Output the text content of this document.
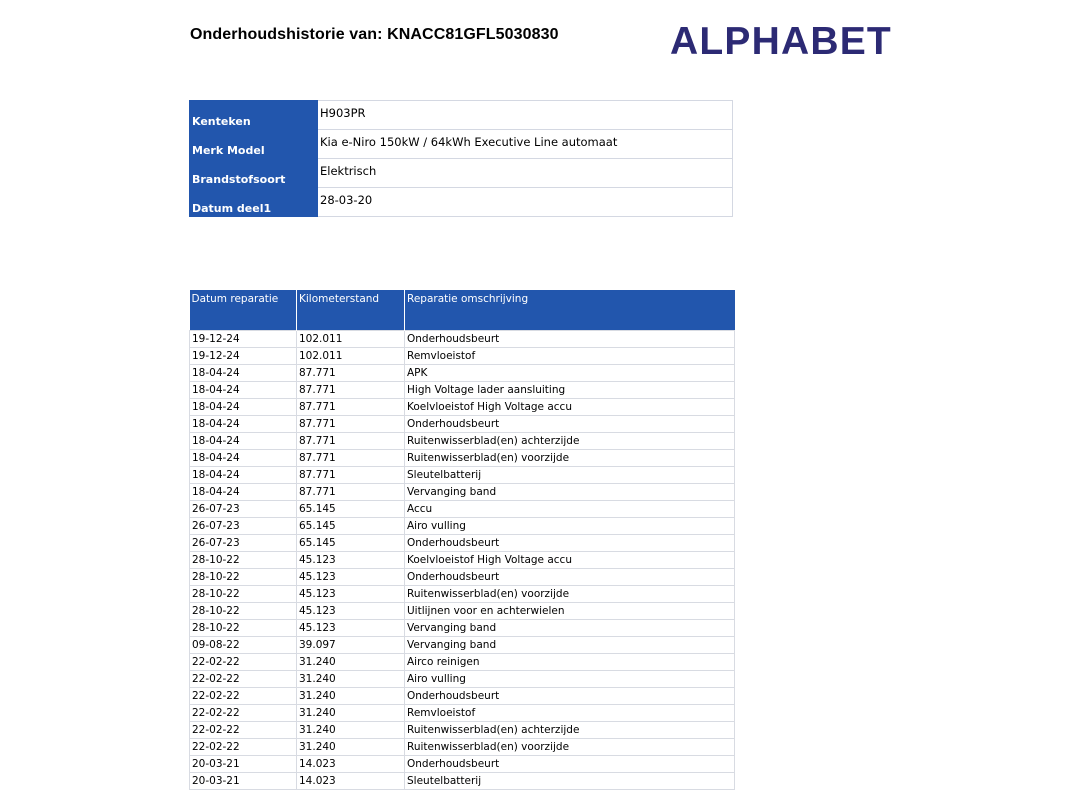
Onderhoudshistorie van: KNACC81GFL5030830	ALPHABET
Kenteken	H903PR
Merk Model	Kia e-Niro 150kW / 64kWh Executive Line automaat
Brandstofsoort	Elektrisch
Datum deel1	28-03-20
Datum reparatie	Kilometerstand	Reparatie omschrijving
19-12-24	102.011	Onderhoudsbeurt
19-12-24	102.011	Remvloeistof
18-04-24	87.771	APK
18-04-24	87.771	High Voltage lader aansluiting
18-04-24	87.771	Koelvloeistof High Voltage accu
18-04-24	87.771	Onderhoudsbeurt
18-04-24	87.771	Ruitenwisserblad(en) achterzijde
18-04-24	87.771	Ruitenwisserblad(en) voorzijde
18-04-24	87.771	Sleutelbatterij
18-04-24	87.771	Vervanging band
26-07-23	65.145	Accu
26-07-23	65.145	Airo vulling
26-07-23	65.145	Onderhoudsbeurt
28-10-22	45.123	Koelvloeistof High Voltage accu
28-10-22	45.123	Onderhoudsbeurt
28-10-22	45.123	Ruitenwisserblad(en) voorzijde
28-10-22	45.123	Uitlijnen voor en achterwielen
28-10-22	45.123	Vervanging band
09-08-22	39.097	Vervanging band
22-02-22	31.240	Airco reinigen
22-02-22	31.240	Airo vulling
22-02-22	31.240	Onderhoudsbeurt
22-02-22	31.240	Remvloeistof
22-02-22	31.240	Ruitenwisserblad(en) achterzijde
22-02-22	31.240	Ruitenwisserblad(en) voorzijde
20-03-21	14.023	Onderhoudsbeurt
20-03-21	14.023	Sleutelbatterij
